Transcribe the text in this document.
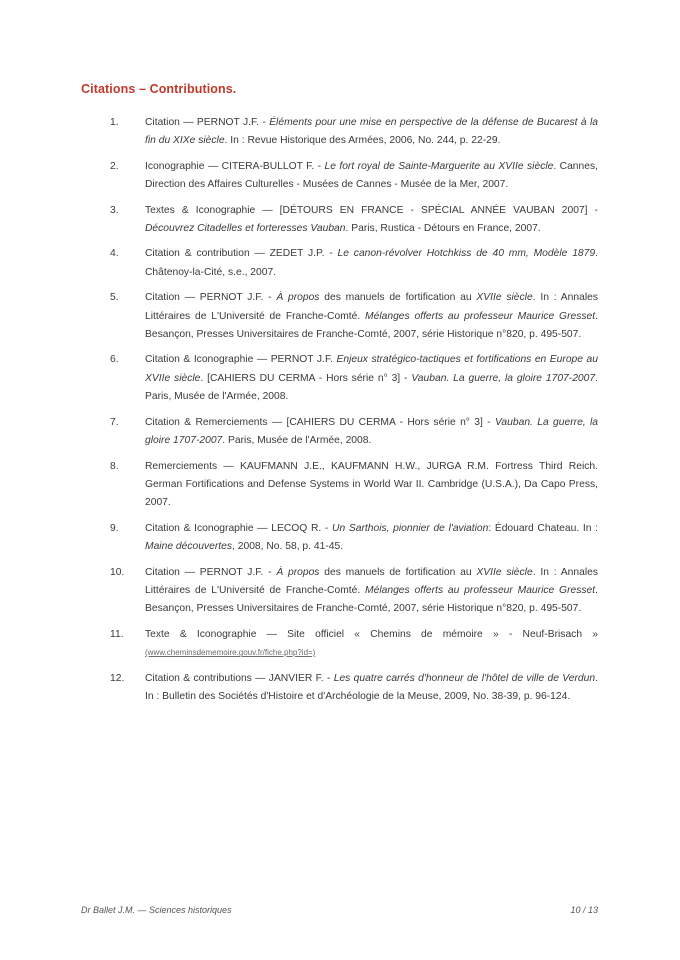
Citations – Contributions.
1.	Citation — PERNOT J.F. - Éléments pour une mise en perspective de la défense de Bucarest à la fin du XIXe siècle. In : Revue Historique des Armées, 2006, No. 244, p. 22-29.
2.	Iconographie — CITERA-BULLOT F. - Le fort royal de Sainte-Marguerite au XVIIe siècle. Cannes, Direction des Affaires Culturelles - Musées de Cannes - Musée de la Mer, 2007.
3.	Textes & Iconographie — [DÉTOURS EN FRANCE - SPÉCIAL ANNÉE VAUBAN 2007] - Découvrez Citadelles et forteresses Vauban. Paris, Rustica - Détours en France, 2007.
4.	Citation & contribution — ZEDET J.P. - Le canon-révolver Hotchkiss de 40 mm, Modèle 1879. Châtenoy-la-Cité, s.e., 2007.
5.	Citation — PERNOT J.F. - À propos des manuels de fortification au XVIIe siècle. In : Annales Littéraires de L'Université de Franche-Comté. Mélanges offerts au professeur Maurice Gresset. Besançon, Presses Universitaires de Franche-Comté, 2007, série Historique n°820, p. 495-507.
6.	Citation & Iconographie — PERNOT J.F. Enjeux stratégico-tactiques et fortifications en Europe au XVIIe siècle. [CAHIERS DU CERMA - Hors série n° 3] - Vauban. La guerre, la gloire 1707-2007. Paris, Musée de l'Armée, 2008.
7.	Citation & Remerciements — [CAHIERS DU CERMA - Hors série n° 3] - Vauban. La guerre, la gloire 1707-2007. Paris, Musée de l'Armée, 2008.
8.	Remerciements — KAUFMANN J.E., KAUFMANN H.W., JURGA R.M. Fortress Third Reich. German Fortifications and Defense Systems in World War II. Cambridge (U.S.A.), Da Capo Press, 2007.
9.	Citation & Iconographie — LECOQ R. - Un Sarthois, pionnier de l'aviation: Édouard Chateau. In : Maine découvertes, 2008, No. 58, p. 41-45.
10. Citation — PERNOT J.F. - À propos des manuels de fortification au XVIIe siècle. In : Annales Littéraires de L'Université de Franche-Comté. Mélanges offerts au professeur Maurice Gresset. Besançon, Presses Universitaires de Franche-Comté, 2007, série Historique n°820, p. 495-507.
11. Texte & Iconographie — Site officiel « Chemins de mémoire » - Neuf-Brisach » (www.cheminsdememoire.gouv.fr/fiche.php?id=)
12. Citation & contributions — JANVIER F. - Les quatre carrés d'honneur de l'hôtel de ville de Verdun. In : Bulletin des Sociétés d'Histoire et d'Archéologie de la Meuse, 2009, No. 38-39, p. 96-124.
Dr Ballet J.M. — Sciences historiques	10 / 13
